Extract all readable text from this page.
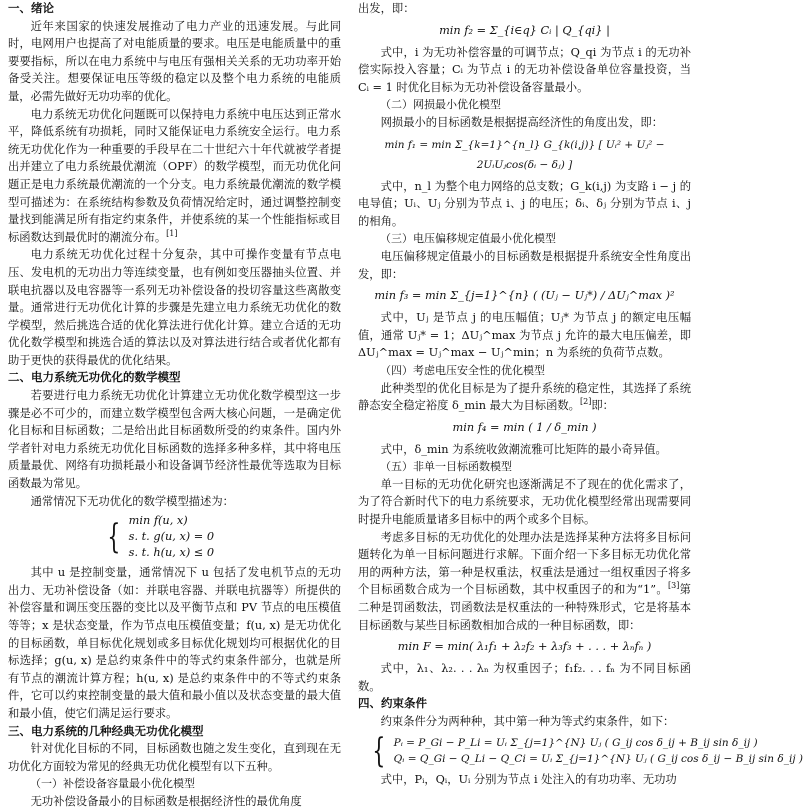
一、绪论

近年来国家的快速发展推动了电力产业的迅速发展。与此同时，电网用户也提高了对电能质量的要求。电压是电能质量中的重要要指标，所以在电力系统中与电压有强相关关系的无功功率开始备受关注。想要保证电压等级的稳定以及整个电力系统的电能质量，必需先做好无功功率的优化。

电力系统无功优化问题既可以保持电力系统中电压达到正常水平，降低系统有功损耗，同时又能保证电力系统安全运行。电力系统无功优化作为一种重要的手段早在二十世纪六十年代就被学者提出并建立了电力系统最优潮流（OPF）的数学模型，而无功优化问题正是电力系统最优潮流的一个分支。电力系统最优潮流的数学模型可描述为：在系统结构参数及负荷情况给定时，通过调整控制变量找到能满足所有指定约束条件，并使系统的某一个性能指标或目标函数达到最优时的潮流分布。[1]

电力系统无功优化过程十分复杂，其中可操作变量有节点电压、发电机的无功出力等连续变量，也有例如变压器抽头位置、并联电抗器以及电容器等一系列无功补偿设备的投切容量这些离散变量。通常进行无功优化计算的步骤是先建立电力系统无功优化的数学模型，然后挑选合适的优化算法进行优化计算。建立合适的无功优化数学模型和挑选合适的算法以及对算法进行结合或者优化都有助于更快的获得最优的优化结果。

二、电力系统无功优化的数学模型

若要进行电力系统无功优化计算建立无功优化数学模型这一步骤是必不可少的，而建立数学模型包含两大核心问题，一是确定优化目标和目标函数；二是给出此目标函数所受的约束条件。国内外学者针对电力系统无功优化目标函数的选择多种多样，其中将电压质量最优、网络有功损耗最小和设备调节经济性最优等选取为目标函数最为常见。

通常情况下无功优化的数学模型描述为：

{ min f(u, x)
s. t. g(u, x) = 0
s. t. h(u, x) ≤ 0

其中 u 是控制变量，通常情况下 u 包括了发电机节点的无功出力、无功补偿设备（如：并联电容器、并联电抗器等）所提供的补偿容量和调压变压器的变比以及平衡节点和 PV 节点的电压模值等等；x 是状态变量，作为节点电压模值变量；f(u, x) 是无功优化的目标函数，单目标优化规划或多目标优化规划均可根据优化的目标选择；g(u, x) 是总约束条件中的等式约束条件部分，也就是所有节点的潮流计算方程；h(u, x) 是总约束条件中的不等式约束条件，它可以约束控制变量的最大值和最小值以及状态变量的最大值和最小值，使它们满足运行要求。

三、电力系统的几种经典无功优化模型

针对优化目标的不同，目标函数也随之发生变化，直到现在无功优化方面较为常见的经典无功优化模型有以下五种。

（一）补偿设备容量最小优化模型

无功补偿设备最小的目标函数是根据经济性的最优角度

出发，即：

min f₂ = Σ_{i∈q} Cᵢ | Q_{qi} |

式中，i 为无功补偿容量的可调节点；Q_qi 为节点 i 的无功补偿实际投入容量；Cᵢ 为节点 i 的无功补偿设备单位容量投资，当 Cᵢ = 1 时优化目标为无功补偿设备容量最小。

（二）网损最小优化模型

网损最小的目标函数是根据提高经济性的角度出发，即：

min f₁ = min Σ_{k=1}^{n_l} G_{k(i,j)} [ Uᵢ² + Uⱼ² − 2UᵢUⱼcos(δᵢ − δⱼ) ]

式中，n_l 为整个电力网络的总支数；G_k(i,j) 为支路 i − j 的电导值；Uᵢ、Uⱼ 分别为节点 i、j 的电压；δᵢ、δⱼ 分别为节点 i、j 的相角。

（三）电压偏移规定值最小优化模型

电压偏移规定值最小的目标函数是根据提升系统安全性角度出发，即：

min f₃ = min Σ_{j=1}^{n} ( (Uⱼ − Uⱼ*) / ΔUⱼ^max )²

式中，Uⱼ 是节点 j 的电压幅值；Uⱼ* 为节点 j 的额定电压幅值，通常 Uⱼ* = 1；ΔUⱼ^max 为节点 j 允许的最大电压偏差，即 ΔUⱼ^max = Uⱼ^max − Uⱼ^min；n 为系统的负荷节点数。

（四）考虑电压安全性的优化模型

此种类型的优化目标是为了提升系统的稳定性，其选择了系统静态安全稳定裕度 δ_min 最大为目标函数。[2]即：

min f₄ = min ( 1 / δ_min )

式中，δ_min 为系统收敛潮流雅可比矩阵的最小奇异值。

（五）非单一目标函数模型

单一目标的无功优化研究也逐渐满足不了现在的优化需求了，为了符合新时代下的电力系统要求，无功优化模型经常出现需要同时提升电能质量诸多目标中的两个或多个目标。

考虑多目标的无功优化的处理办法是选择某种方法将多目标问题转化为单一目标问题进行求解。下面介绍一下多目标无功优化常用的两种方法，第一种是权重法，权重法是通过一组权重因子将多个目标函数合成为一个目标函数，其中权重因子的和为“1”。[3]第二种是罚函数法，罚函数法是权重法的一种特殊形式，它是将基本目标函数与某些目标函数相加合成的一种目标函数，即：

min F = min( λ₁f₁ + λ₂f₂ + λ₃f₃ + . . . + λₙfₙ )

式中，λ₁、λ₂. . . λₙ 为权重因子；f₁f₂. . . fₙ 为不同目标函数。

四、约束条件

约束条件分为两种种，其中第一种为等式约束条件，如下：

{ Pᵢ = P_Gi − P_Li = Uᵢ Σ_{j=1}^{N} Uⱼ ( G_ij cos δ_ij + B_ij sin δ_ij )
Qᵢ = Q_Gi − Q_Li − Q_Ci = Uᵢ Σ_{j=1}^{N} Uⱼ ( G_ij cos δ_ij − B_ij sin δ_ij )

式中，Pᵢ，Qᵢ，Uᵢ 分别为节点 i 处注入的有功功率、无功功
